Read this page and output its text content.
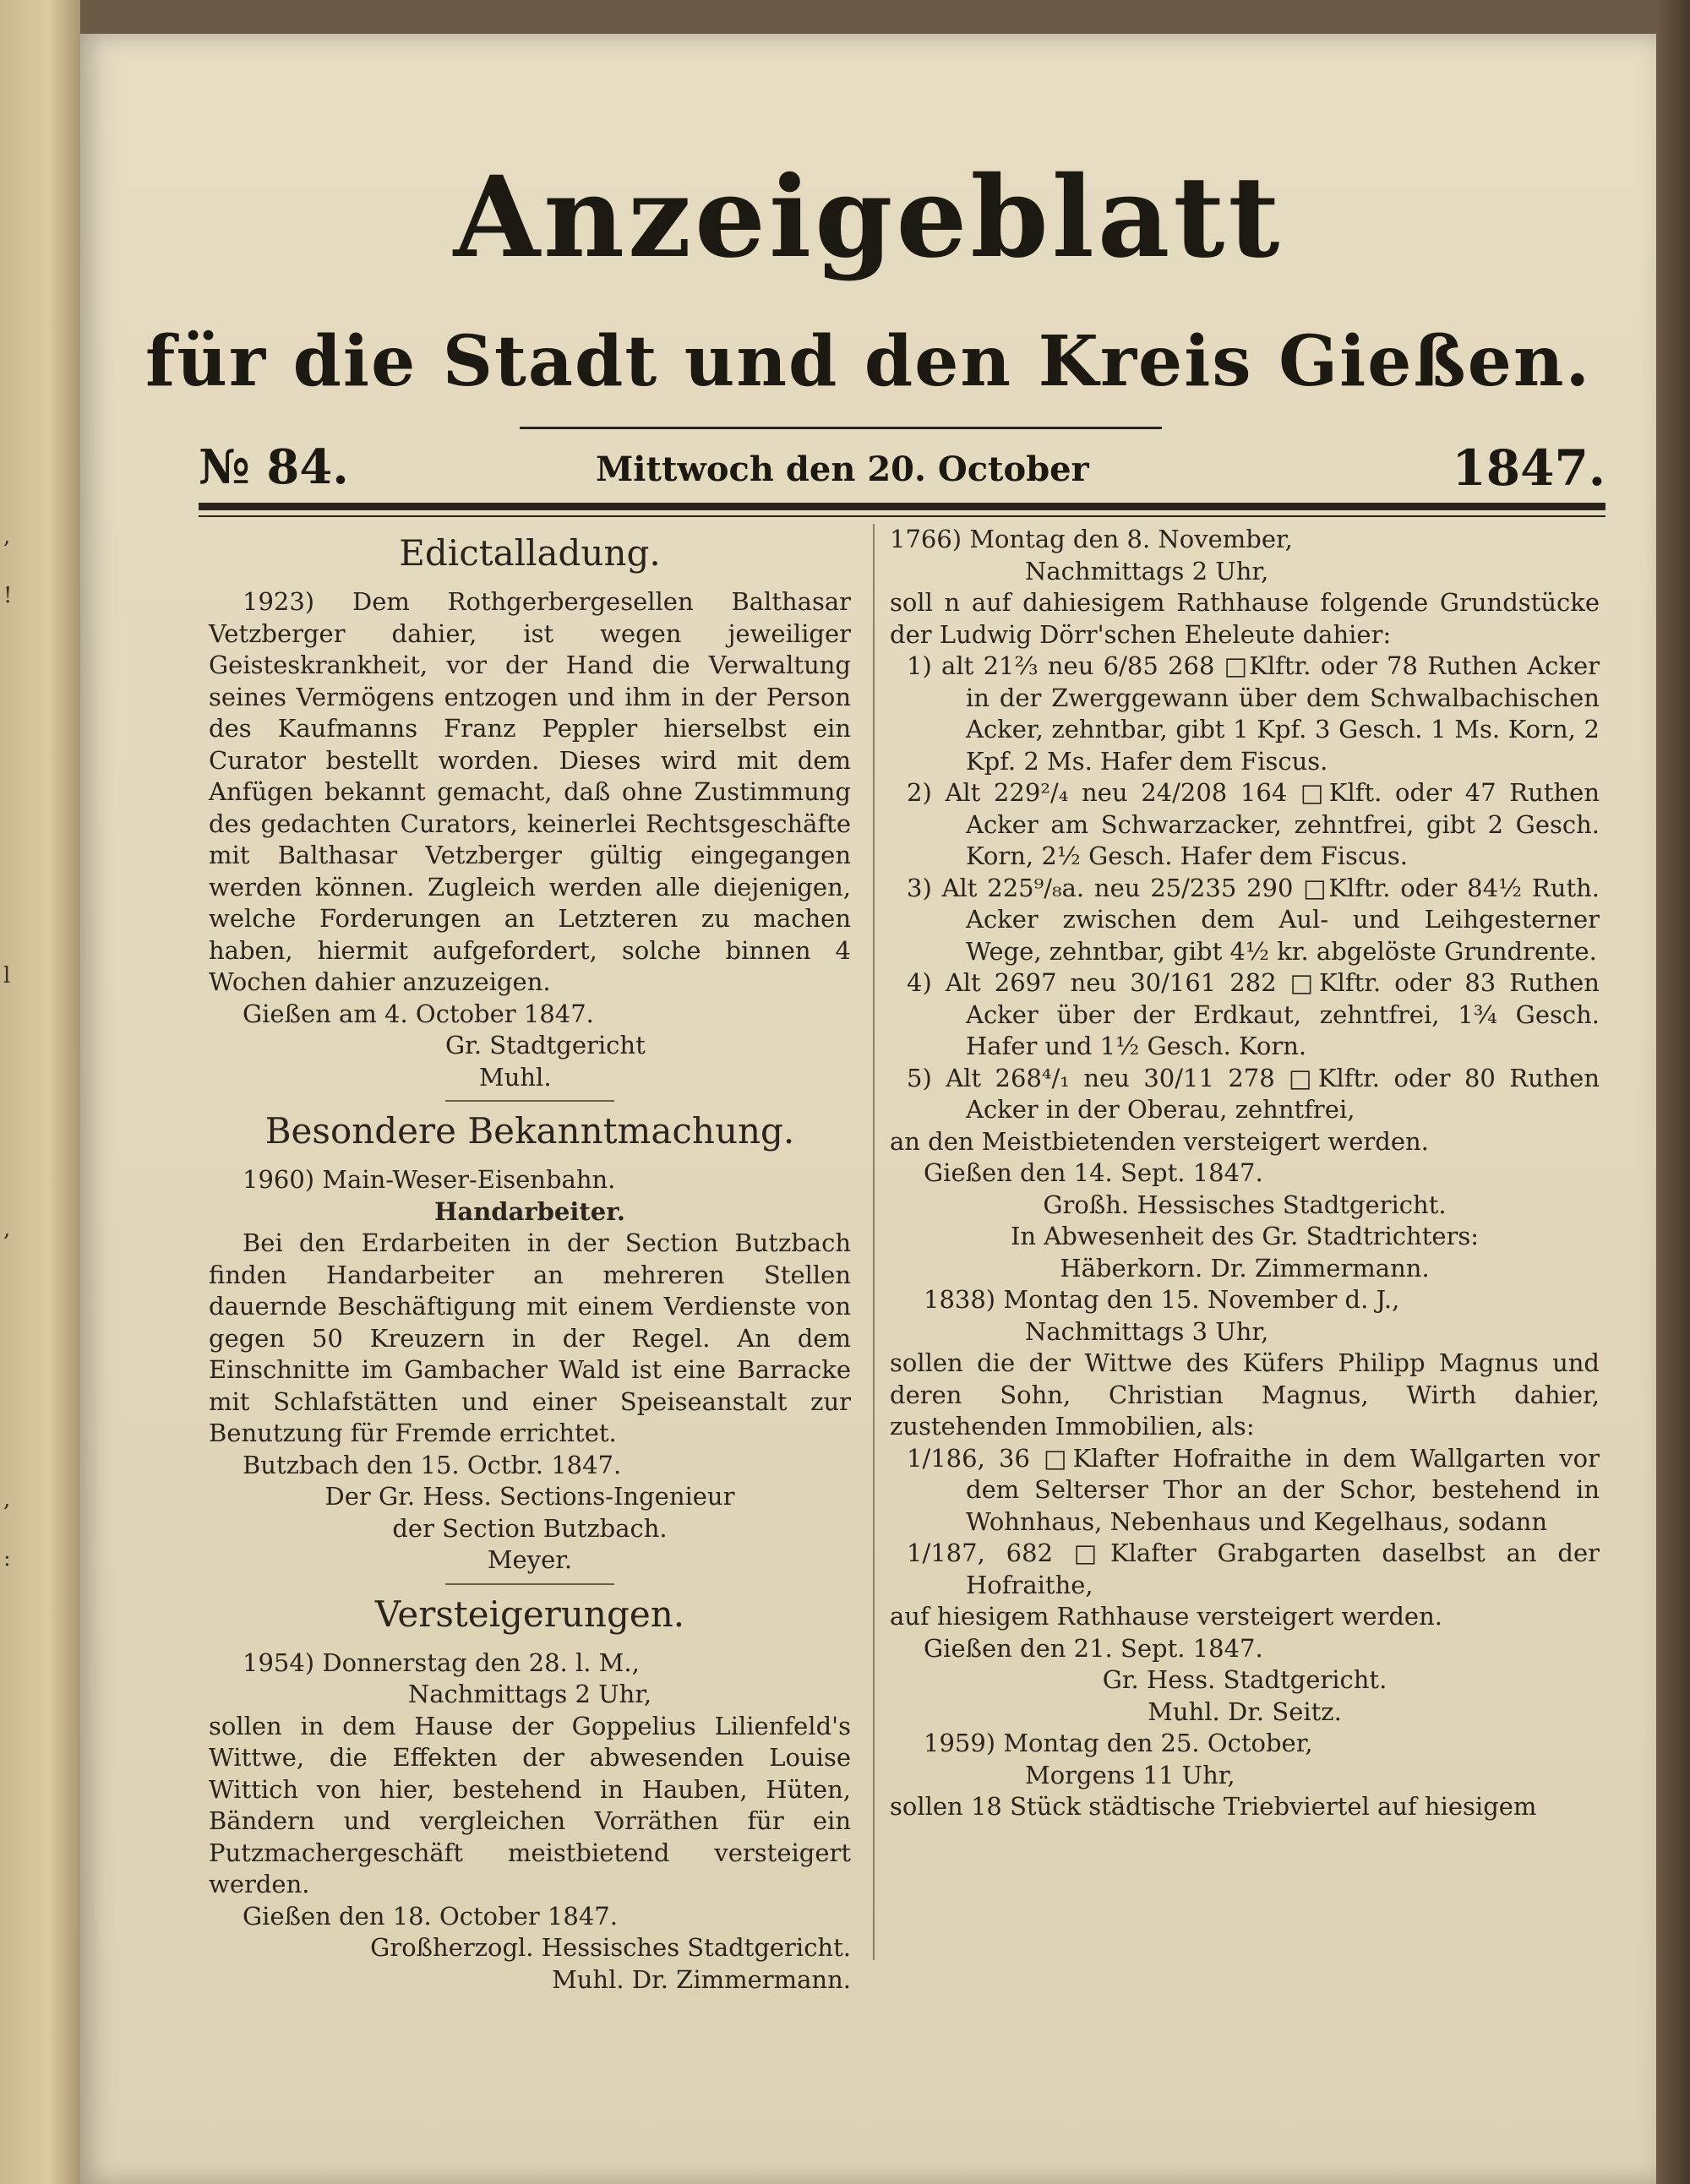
,
!
l
,
,
:
Anzeigeblatt
für die Stadt und den Kreis Gießen.
№ 84.	Mittwoch den 20. October	1847.

Edictalladung.

1923) Dem Rothgerbergesellen Balthasar Vetzberger dahier, ist wegen jeweiliger Geisteskrankheit, vor der Hand die Verwaltung seines Vermögens entzogen und ihm in der Person des Kaufmanns Franz Peppler hierselbst ein Curator bestellt worden. Dieses wird mit dem Anfügen bekannt gemacht, daß ohne Zustimmung des gedachten Curators, keinerlei Rechtsgeschäfte mit Balthasar Vetzberger gültig eingegangen werden können. Zugleich werden alle diejenigen, welche Forderungen an Letzteren zu machen haben, hiermit aufgefordert, solche binnen 4 Wochen dahier anzuzeigen.

Gießen am 4. October 1847.

Gr. Stadtgericht

Muhl.

Besondere Bekanntmachung.

1960) Main-Weser-Eisenbahn.

Handarbeiter.

Bei den Erdarbeiten in der Section Butzbach finden Handarbeiter an mehreren Stellen dauernde Beschäftigung mit einem Verdienste von gegen 50 Kreuzern in der Regel. An dem Einschnitte im Gambacher Wald ist eine Barracke mit Schlafstätten und einer Speiseanstalt zur Benutzung für Fremde errichtet.

Butzbach den 15. Octbr. 1847.

Der Gr. Hess. Sections-Ingenieur

der Section Butzbach.

Meyer.

Versteigerungen.

1954) Donnerstag den 28. l. M.,

Nachmittags 2 Uhr,

sollen in dem Hause der Goppelius Lilienfeld's Wittwe, die Effekten der abwesenden Louise Wittich von hier, bestehend in Hauben, Hüten, Bändern und vergleichen Vorräthen für ein Putzmachergeschäft meistbietend versteigert werden.

Gießen den 18. October 1847.

Großherzogl. Hessisches Stadtgericht.

Muhl. Dr. Zimmermann.

1766) Montag den 8. November,

Nachmittags 2 Uhr,

soll n auf dahiesigem Rathhause folgende Grundstücke der Ludwig Dörr'schen Eheleute dahier:

1) alt 21⅔ neu 6/85 268 □Klftr. oder 78 Ruthen Acker in der Zwerggewann über dem Schwalbachischen Acker, zehntbar, gibt 1 Kpf. 3 Gesch. 1 Ms. Korn, 2 Kpf. 2 Ms. Hafer dem Fiscus.

2) Alt 229²/₄ neu 24/208 164 □Klft. oder 47 Ruthen Acker am Schwarzacker, zehntfrei, gibt 2 Gesch. Korn, 2½ Gesch. Hafer dem Fiscus.

3) Alt 225⁹/₈a. neu 25/235 290 □Klftr. oder 84½ Ruth. Acker zwischen dem Aul- und Leihgesterner Wege, zehntbar, gibt 4½ kr. abgelöste Grundrente.

4) Alt 2697 neu 30/161 282 □Klftr. oder 83 Ruthen Acker über der Erdkaut, zehntfrei, 1¾ Gesch. Hafer und 1½ Gesch. Korn.

5) Alt 268⁴/₁ neu 30/11 278 □Klftr. oder 80 Ruthen Acker in der Oberau, zehntfrei,

an den Meistbietenden versteigert werden.

Gießen den 14. Sept. 1847.

Großh. Hessisches Stadtgericht.

In Abwesenheit des Gr. Stadtrichters:

Häberkorn. Dr. Zimmermann.

1838) Montag den 15. November d. J.,

Nachmittags 3 Uhr,

sollen die der Wittwe des Küfers Philipp Magnus und deren Sohn, Christian Magnus, Wirth dahier, zustehenden Immobilien, als:

1/186, 36 □Klafter Hofraithe in dem Wallgarten vor dem Selterser Thor an der Schor, bestehend in Wohnhaus, Nebenhaus und Kegelhaus, sodann

1/187, 682 □Klafter Grabgarten daselbst an der Hofraithe,

auf hiesigem Rathhause versteigert werden.

Gießen den 21. Sept. 1847.

Gr. Hess. Stadtgericht.

Muhl. Dr. Seitz.

1959) Montag den 25. October,

Morgens 11 Uhr,

sollen 18 Stück städtische Triebviertel auf hiesigem
